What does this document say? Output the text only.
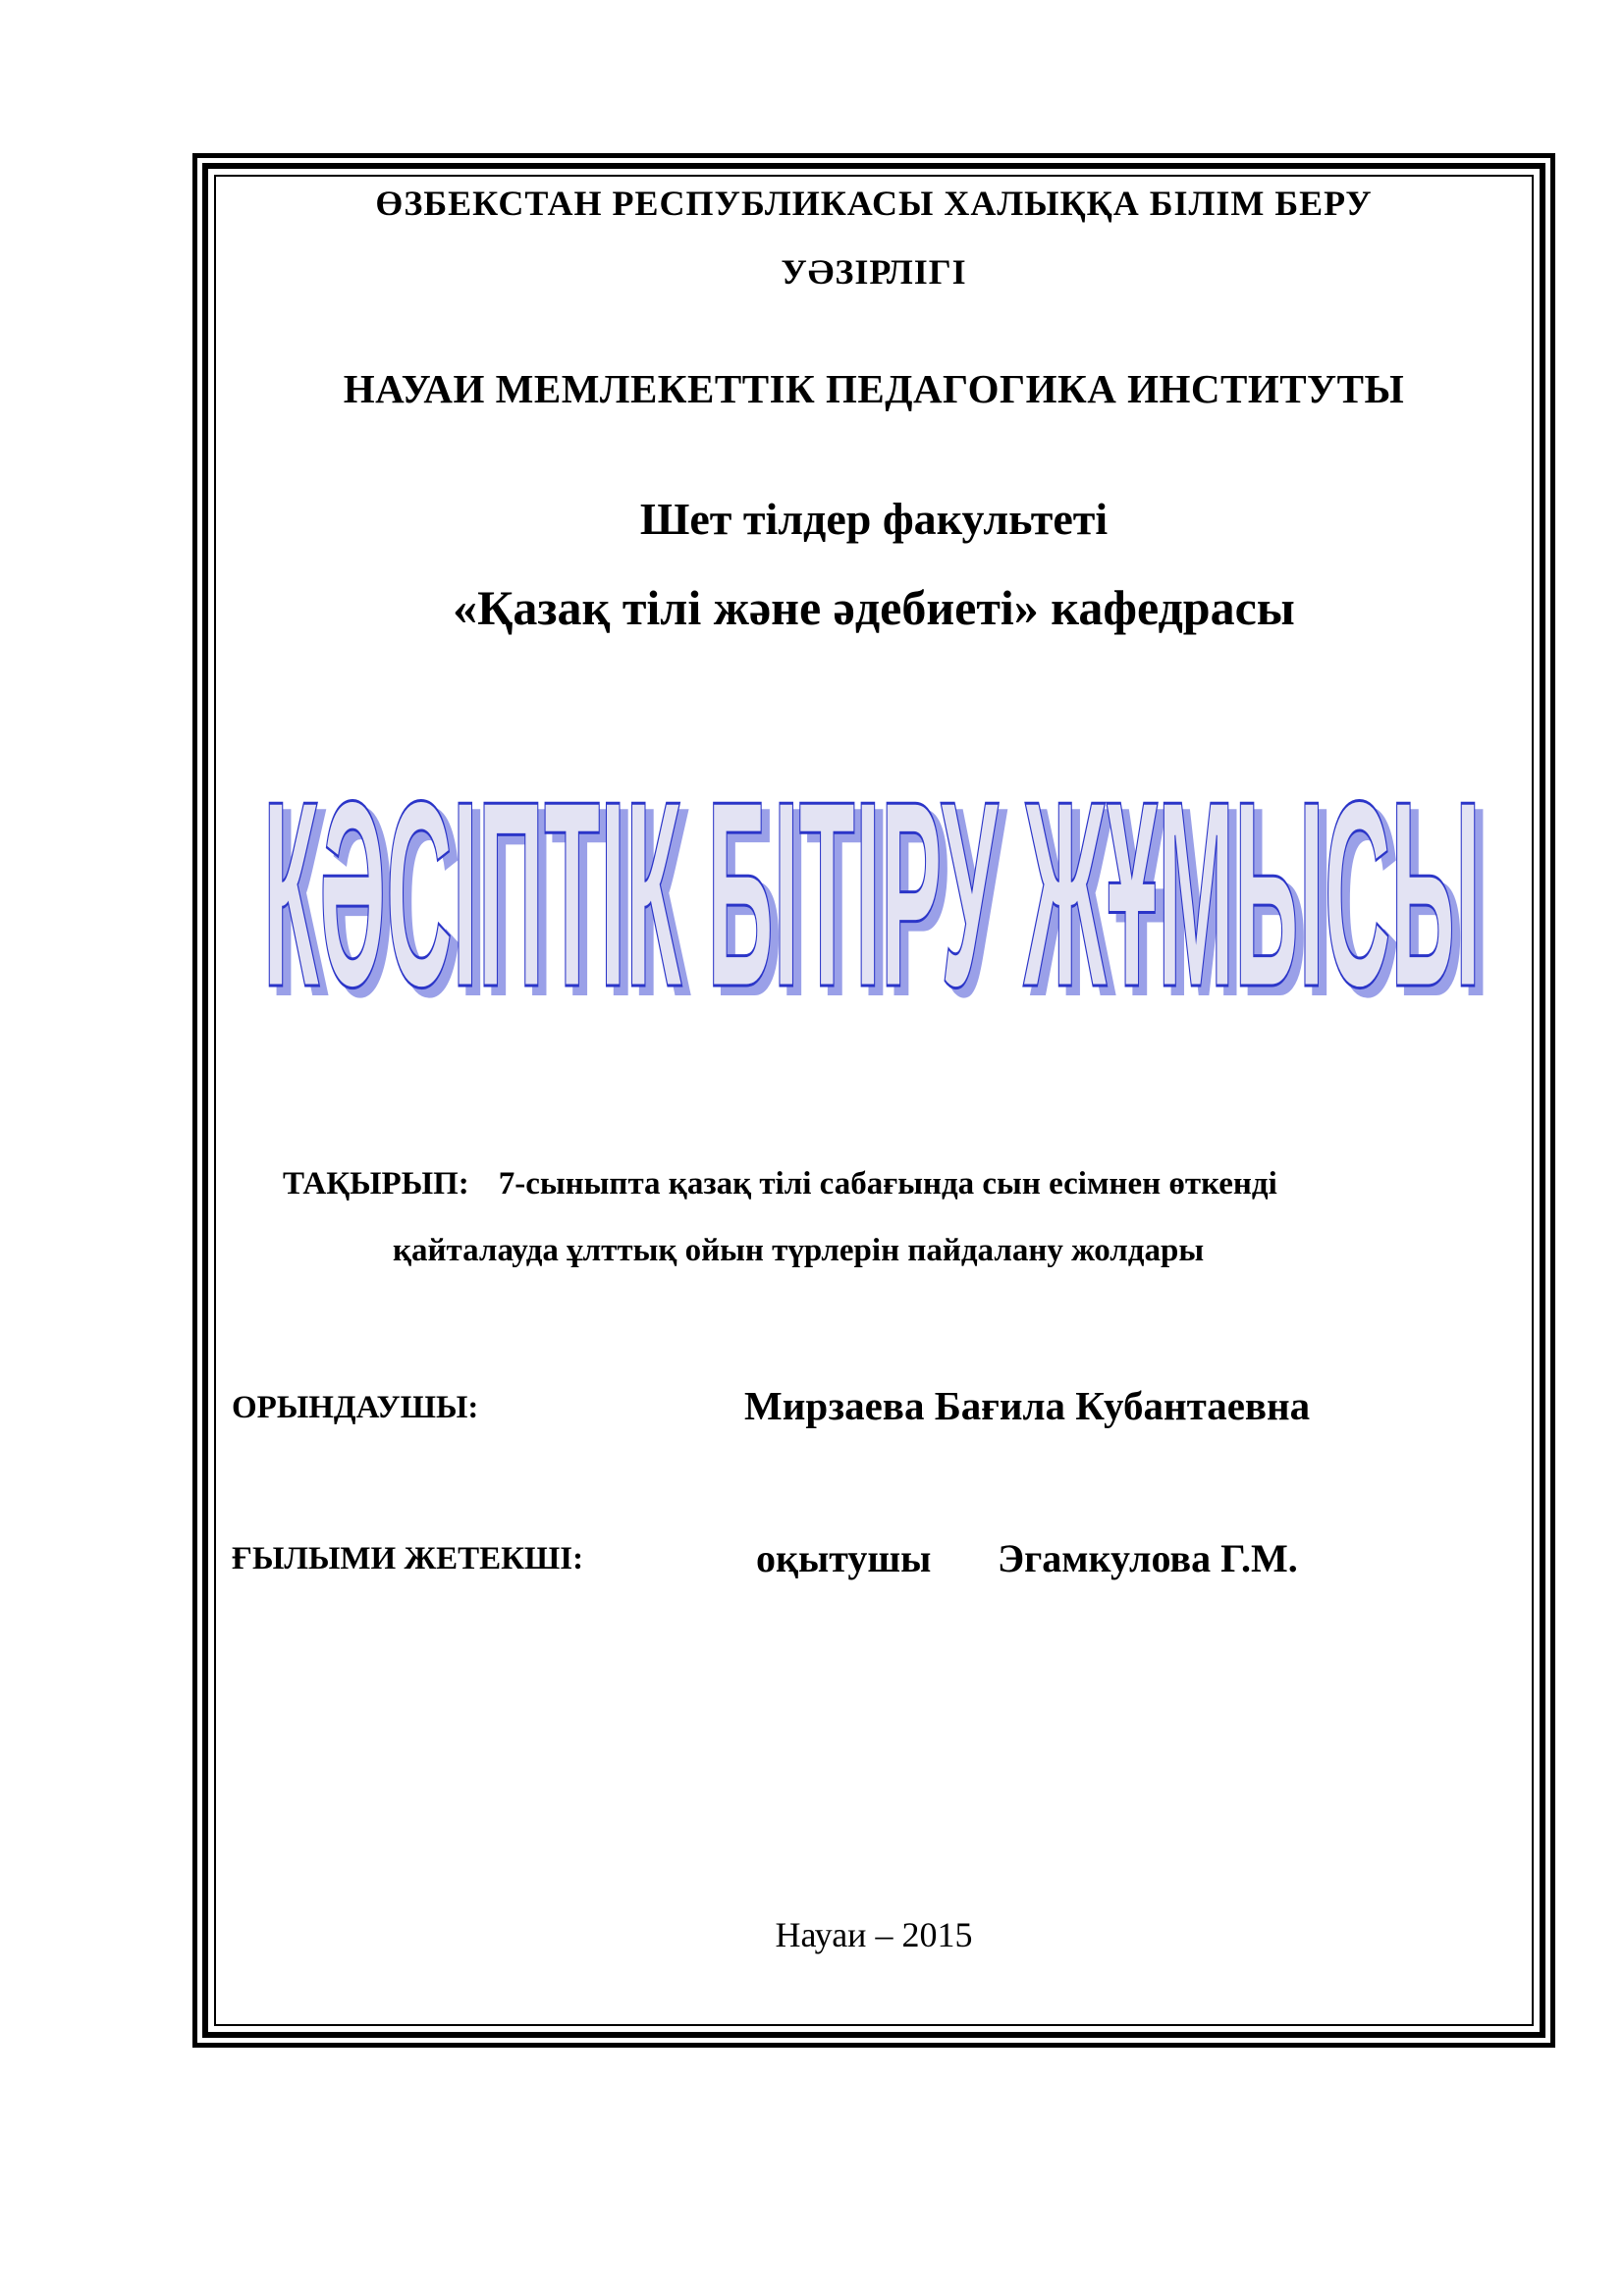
ӨЗБЕКСТАН РЕСПУБЛИКАСЫ ХАЛЫҚҚА БІЛІМ БЕРУ
УӘЗІРЛІГІ
НАУАИ МЕМЛЕКЕТТІК ПЕДАГОГИКА ИНСТИТУТЫ
Шет тілдер факультеті
«Қазақ тілі және әдебиеті» кафедрасы
КӘСІПТІК БІТІРУ ЖҰМЫСЫ
КӘСІПТІК БІТІРУ ЖҰМЫСЫ
ТАҚЫРЫП: 7-сыныпта қазақ тілі сабағында сын есімнен өткенді
қайталауда ұлттық ойын түрлерін пайдалану жолдары
ОРЫНДАУШЫ:	Мирзаева Бағила Кубантаевна
ҒЫЛЫМИ ЖЕТЕКШІ:	оқытушы Эгамкулова Г.М.
Науаи – 2015
